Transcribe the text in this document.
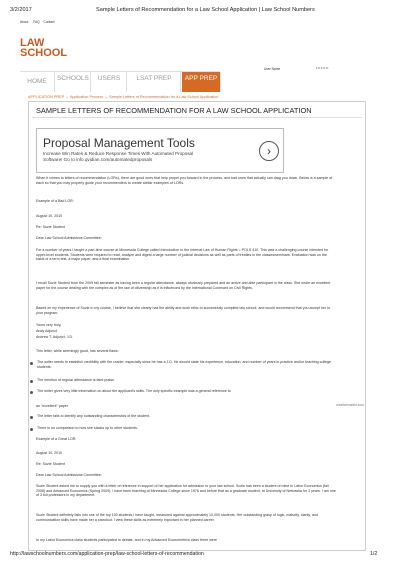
3/2/2017	Sample Letters of Recommendation for a Law School Application | Law School Numbers
About FAQ Contact
LAW
SCHOOL
User Name	••••••••
HOME	SCHOOLS	USERS	LSAT PREP	APP PREP
APPLICATION PREP → Application Process → Sample Letters of Recommendation for a Law School Application
SAMPLE LETTERS OF RECOMMENDATION FOR A LAW SCHOOL APPLICATION
Proposal Management Tools
Increase Win Rates & Reduce Response Times With Automated Proposal
Software! Go to info.qvidian.com/automatedproposals
›
When it comes to letters of recommendation (LORs), there are good ones that help propel you forward in the process, and bad ones that actually can drag you down. Below is a sample of each so that you may properly guide your recommenders to create stellar examples of LORs.
Example of a Bad LOR:
August 10, 2010
Re: Suzie Student
Dear Law School Admissions Committee:
For a number of years I taught a part-time course at Minnesota College called Introduction to the Internal Law of Human Rights = POLS 410. This was a challenging course intended for upper-level students. Students were required to read, analyze and digest a large number of judicial decisions as well as parts of treaties in the classes/seminars. Evaluation was on the basis of a term test, a major paper, and a final examination.
I recall Suzie Student from the 2009 fall semester as having been a regular attendance, always obviously prepared and an active and able participant in the class. She wrote an excellent paper for the course dealing with the complex as of the law of citizenship as it is influenced by the International Covenant on Civil Rights.
Based on my experience of Suzie in my course, I believe that she clearly has the ability and work ethic to successfully complete law school, and would recommend that you accept her to your program.
Yours very truly,
Andy Adjunct
Andrew T. Adjunct, J.D.
This letter, while seemingly good, has several flaws:
The writer needs to establish credibility with the reader, especially since he has a J.D. He should state his experience, education, and number of years in practice and/or teaching college students.
The mention of regular attendance is faint praise.
The writer gives very little information on about the applicant's skills. The only specific example was a general reference to
an "excellent" paper
The letter fails to identify any outstanding characteristics of the student.
There is no comparison to how she stacks up to other students.
Example of a Great LOR:
August 10, 2010
Re: Suzie Student
Dear Law School Admissions Committee:
Suzie Student asked me to supply you with a letter of reference in support of her application for admission to your law school. Suzie has been a student of mine in Labor Economics (fall 2008) and Advanced Economics (Spring 2009). I have been teaching at Minnesota College since 1976 and before that as a graduate student, at University of Nebraska for 3 years. I am one of 3 full professors in my department.
Suzie Student definitely falls into one of the top 100 students I have taught, measured against approximately 10,000 students. Her outstanding grasp of logic, maturity, clarity, and communication skills have made her a standout. I view these skills as extremely important in her planned career.
In my Labor Economics class students participated in debate, and in my Advanced Econometrics class there were
creativemarket.com
http://lawschoolnumbers.com/application-prep/law-school-letters-of-recommendation	1/2
